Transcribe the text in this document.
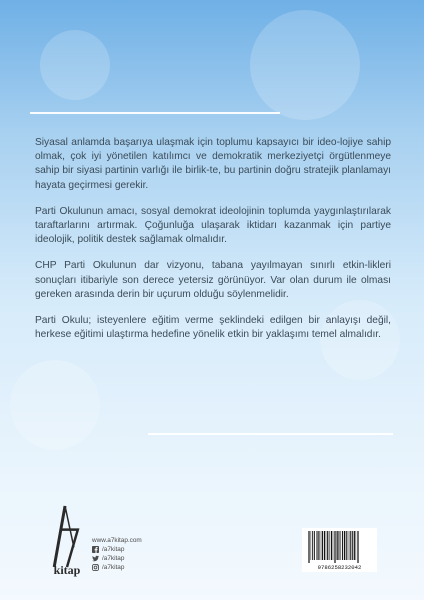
Siyasal anlamda başarıya ulaşmak için toplumu kapsayıcı bir ideo-lojiye sahip olmak, çok iyi yönetilen katılımcı ve demokratik merkeziyetçi örgütlenmeye sahip bir siyasi partinin varlığı ile birlik-te, bu partinin doğru stratejik planlamayı hayata geçirmesi gerekir.

Parti Okulunun amacı, sosyal demokrat ideolojinin toplumda yaygınlaştırılarak taraftarlarını artırmak. Çoğunluğa ulaşarak iktidarı kazanmak için partiye ideolojik, politik destek sağlamak olmalıdır.

CHP Parti Okulunun dar vizyonu, tabana yayılmayan sınırlı etkin-likleri sonuçları itibariyle son derece yetersiz görünüyor. Var olan durum ile olması gereken arasında derin bir uçurum olduğu söylenmelidir.

Parti Okulu; isteyenlere eğitim verme şeklindeki edilgen bir anlayışı değil, herkese eğitimi ulaştırma hedefine yönelik etkin bir yaklaşımı temel almalıdır.

kitap
www.a7kitap.com
/a7kitap
/a7kitap
/a7kitap	9786258232042
